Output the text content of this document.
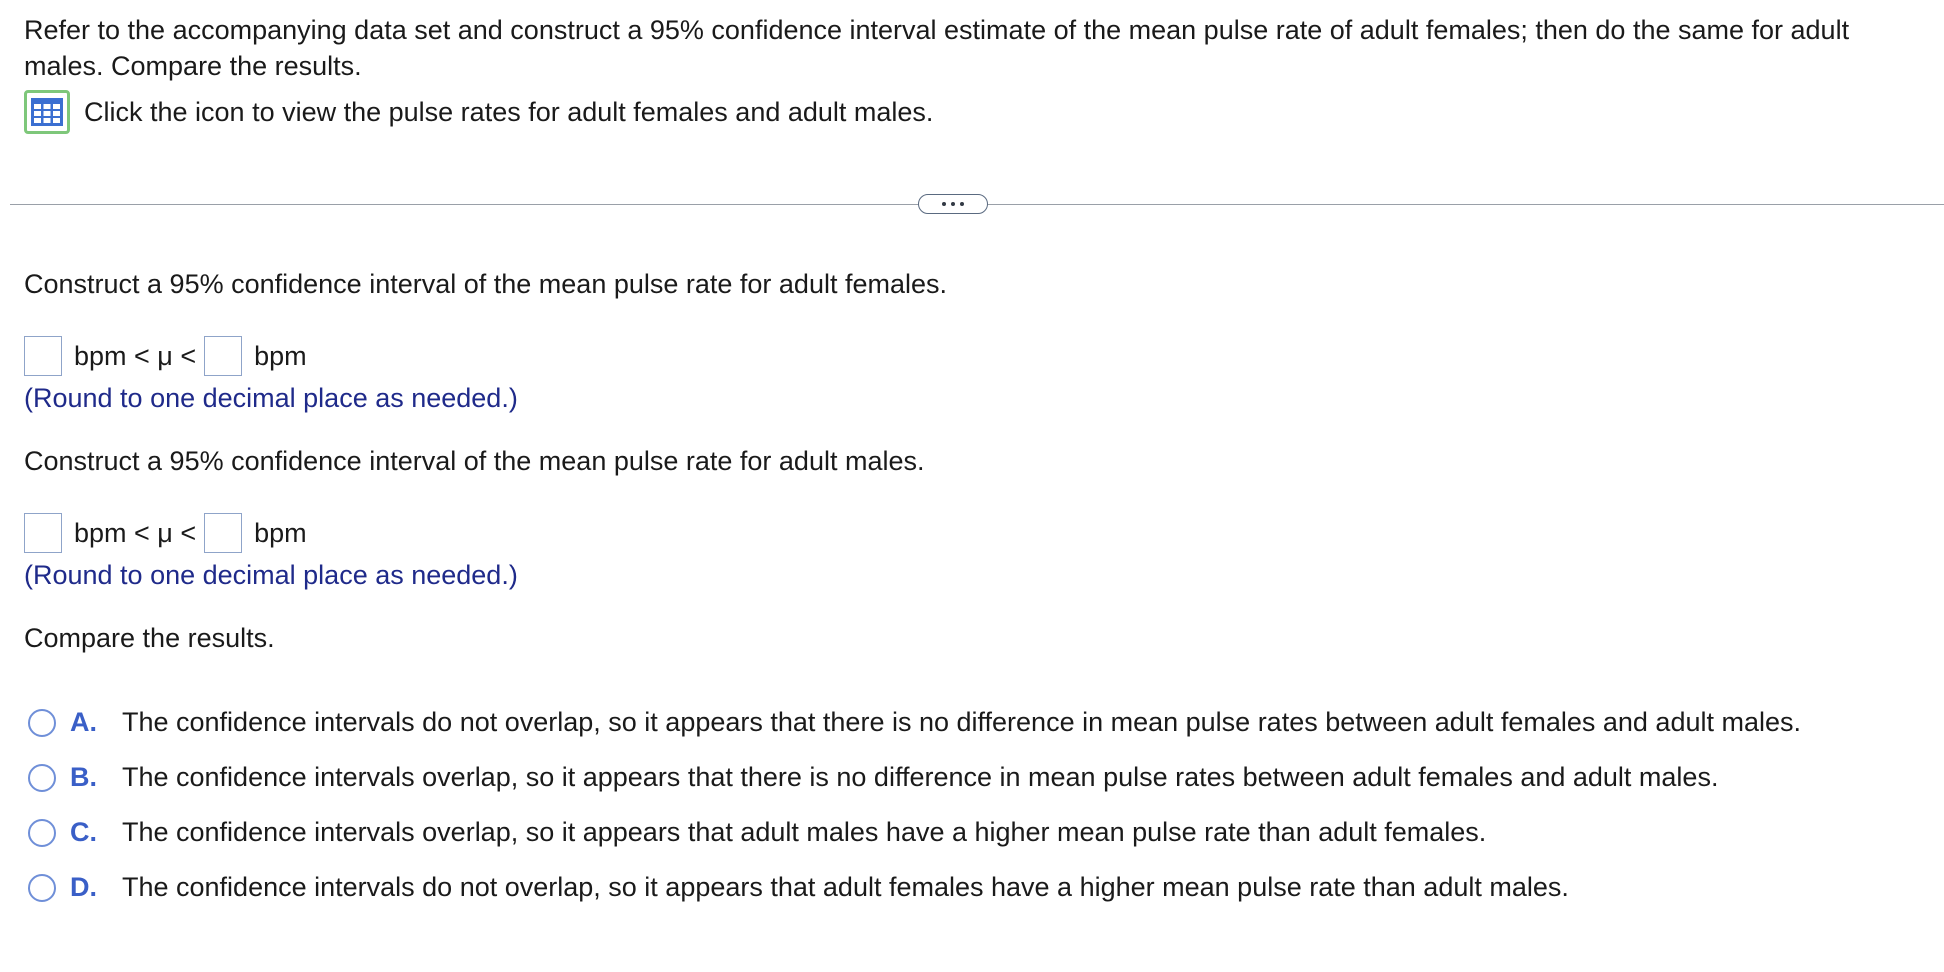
Refer to the accompanying data set and construct a 95% confidence interval estimate of the mean pulse rate of adult females; then do the same for adult males. Compare the results.
Click the icon to view the pulse rates for adult females and adult males.
Construct a 95% confidence interval of the mean pulse rate for adult females.
bpm < μ <	bpm
(Round to one decimal place as needed.)
Construct a 95% confidence interval of the mean pulse rate for adult males.
bpm < μ <	bpm
(Round to one decimal place as needed.)
Compare the results.
A. The confidence intervals do not overlap, so it appears that there is no difference in mean pulse rates between adult females and adult males.
B. The confidence intervals overlap, so it appears that there is no difference in mean pulse rates between adult females and adult males.
C. The confidence intervals overlap, so it appears that adult males have a higher mean pulse rate than adult females.
D. The confidence intervals do not overlap, so it appears that adult females have a higher mean pulse rate than adult males.
